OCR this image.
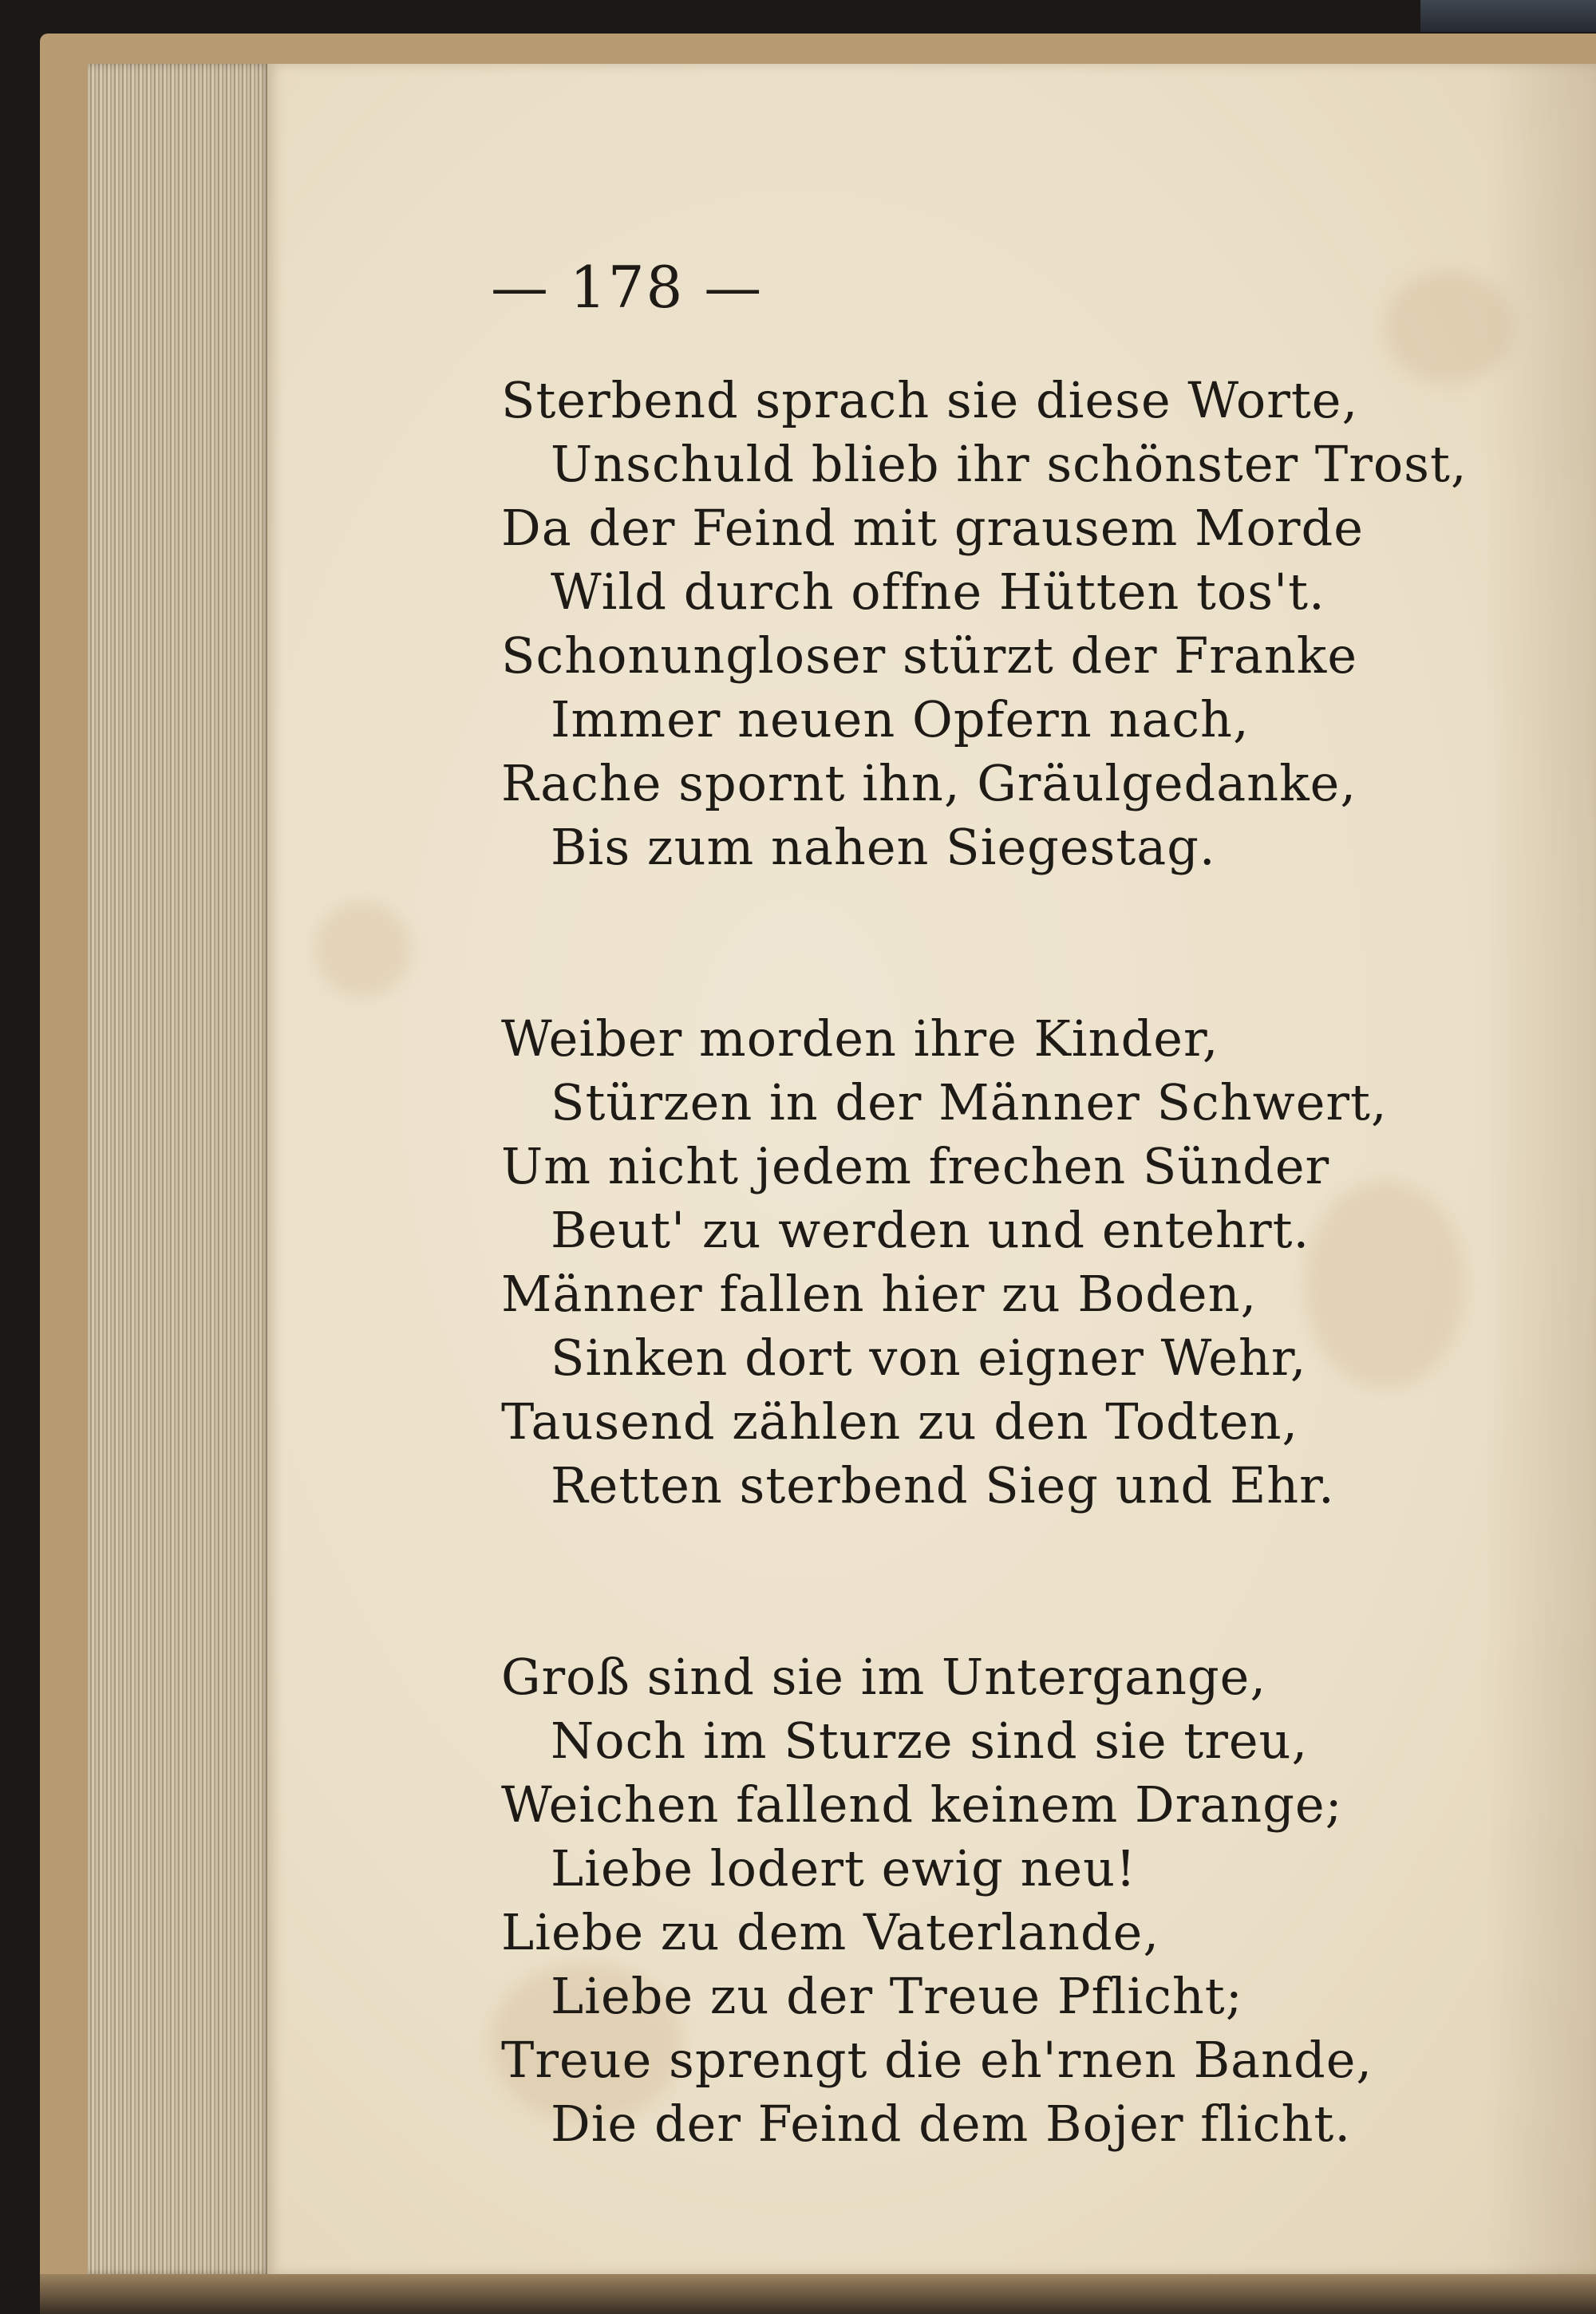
— 178 —
Sterbend sprach sie diese Worte,
Unschuld blieb ihr schönster Trost,
Da der Feind mit grausem Morde
Wild durch offne Hütten tos't.
Schonungloser stürzt der Franke
Immer neuen Opfern nach,
Rache spornt ihn, Gräulgedanke,
Bis zum nahen Siegestag.
Weiber morden ihre Kinder,
Stürzen in der Männer Schwert,
Um nicht jedem frechen Sünder
Beut' zu werden und entehrt.
Männer fallen hier zu Boden,
Sinken dort von eigner Wehr,
Tausend zählen zu den Todten,
Retten sterbend Sieg und Ehr.
Groß sind sie im Untergange,
Noch im Sturze sind sie treu,
Weichen fallend keinem Drange;
Liebe lodert ewig neu!
Liebe zu dem Vaterlande,
Liebe zu der Treue Pflicht;
Treue sprengt die eh'rnen Bande,
Die der Feind dem Bojer flicht.
